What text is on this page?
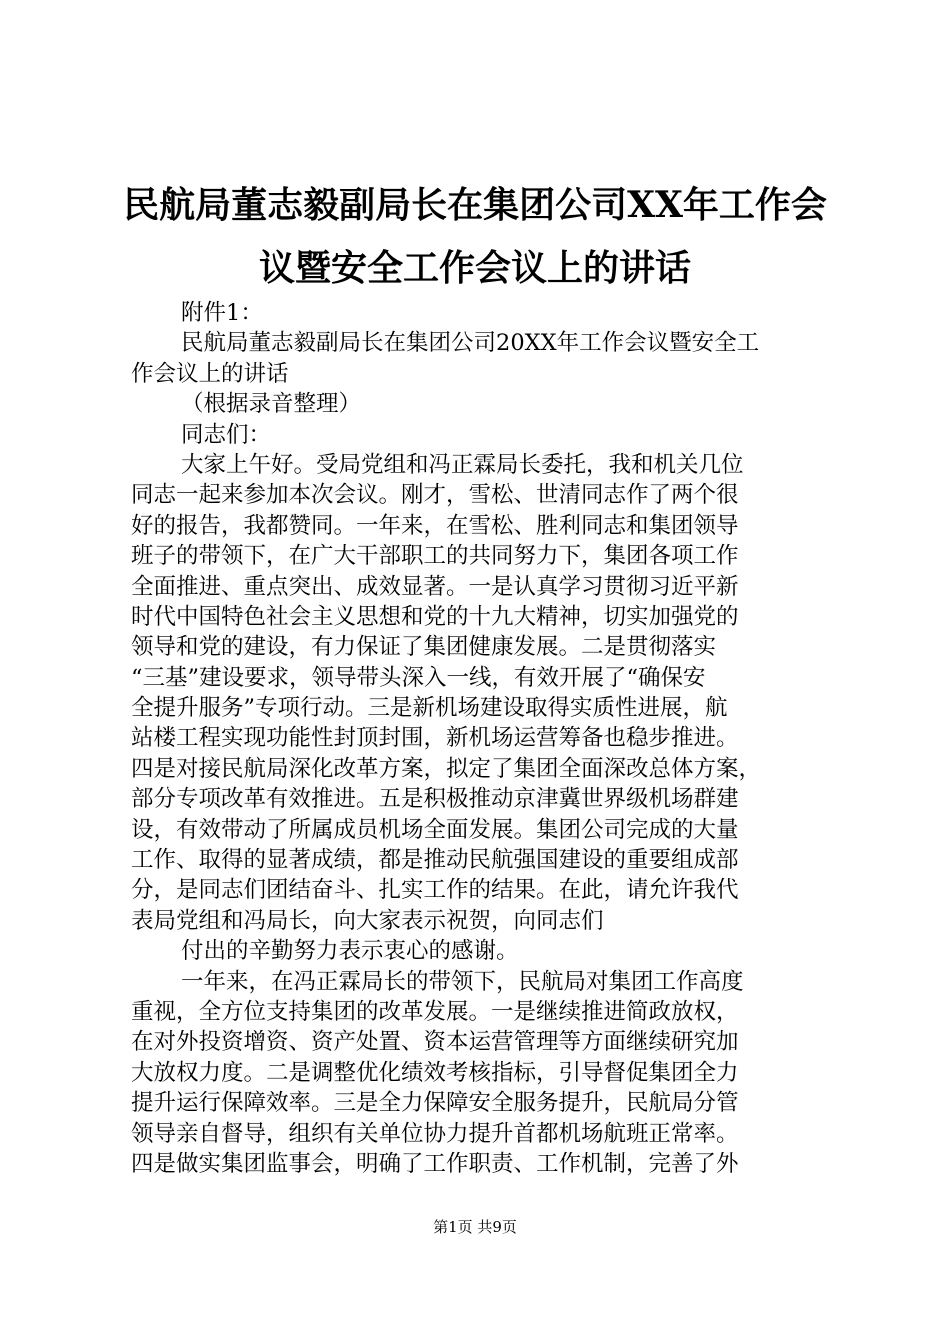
民航局董志毅副局长在集团公司XX年工作会
议暨安全工作会议上的讲话
附件1：
民航局董志毅副局长在集团公司20XX年工作会议暨安全工
作会议上的讲话
（根据录音整理）
同志们：
大家上午好。受局党组和冯正霖局长委托，我和机关几位
同志一起来参加本次会议。刚才，雪松、世清同志作了两个很
好的报告，我都赞同。一年来，在雪松、胜利同志和集团领导
班子的带领下，在广大干部职工的共同努力下，集团各项工作
全面推进、重点突出、成效显著。一是认真学习贯彻习近平新
时代中国特色社会主义思想和党的十九大精神，切实加强党的
领导和党的建设，有力保证了集团健康发展。二是贯彻落实
“三基”建设要求，领导带头深入一线，有效开展了“确保安
全提升服务”专项行动。三是新机场建设取得实质性进展，航
站楼工程实现功能性封顶封围，新机场运营筹备也稳步推进。
四是对接民航局深化改革方案，拟定了集团全面深改总体方案，
部分专项改革有效推进。五是积极推动京津冀世界级机场群建
设，有效带动了所属成员机场全面发展。集团公司完成的大量
工作、取得的显著成绩，都是推动民航强国建设的重要组成部
分，是同志们团结奋斗、扎实工作的结果。在此，请允许我代
表局党组和冯局长，向大家表示祝贺，向同志们
付出的辛勤努力表示衷心的感谢。
一年来，在冯正霖局长的带领下，民航局对集团工作高度
重视，全方位支持集团的改革发展。一是继续推进简政放权，
在对外投资增资、资产处置、资本运营管理等方面继续研究加
大放权力度。二是调整优化绩效考核指标，引导督促集团全力
提升运行保障效率。三是全力保障安全服务提升，民航局分管
领导亲自督导，组织有关单位协力提升首都机场航班正常率。
四是做实集团监事会，明确了工作职责、工作机制，完善了外
第1页 共9页
